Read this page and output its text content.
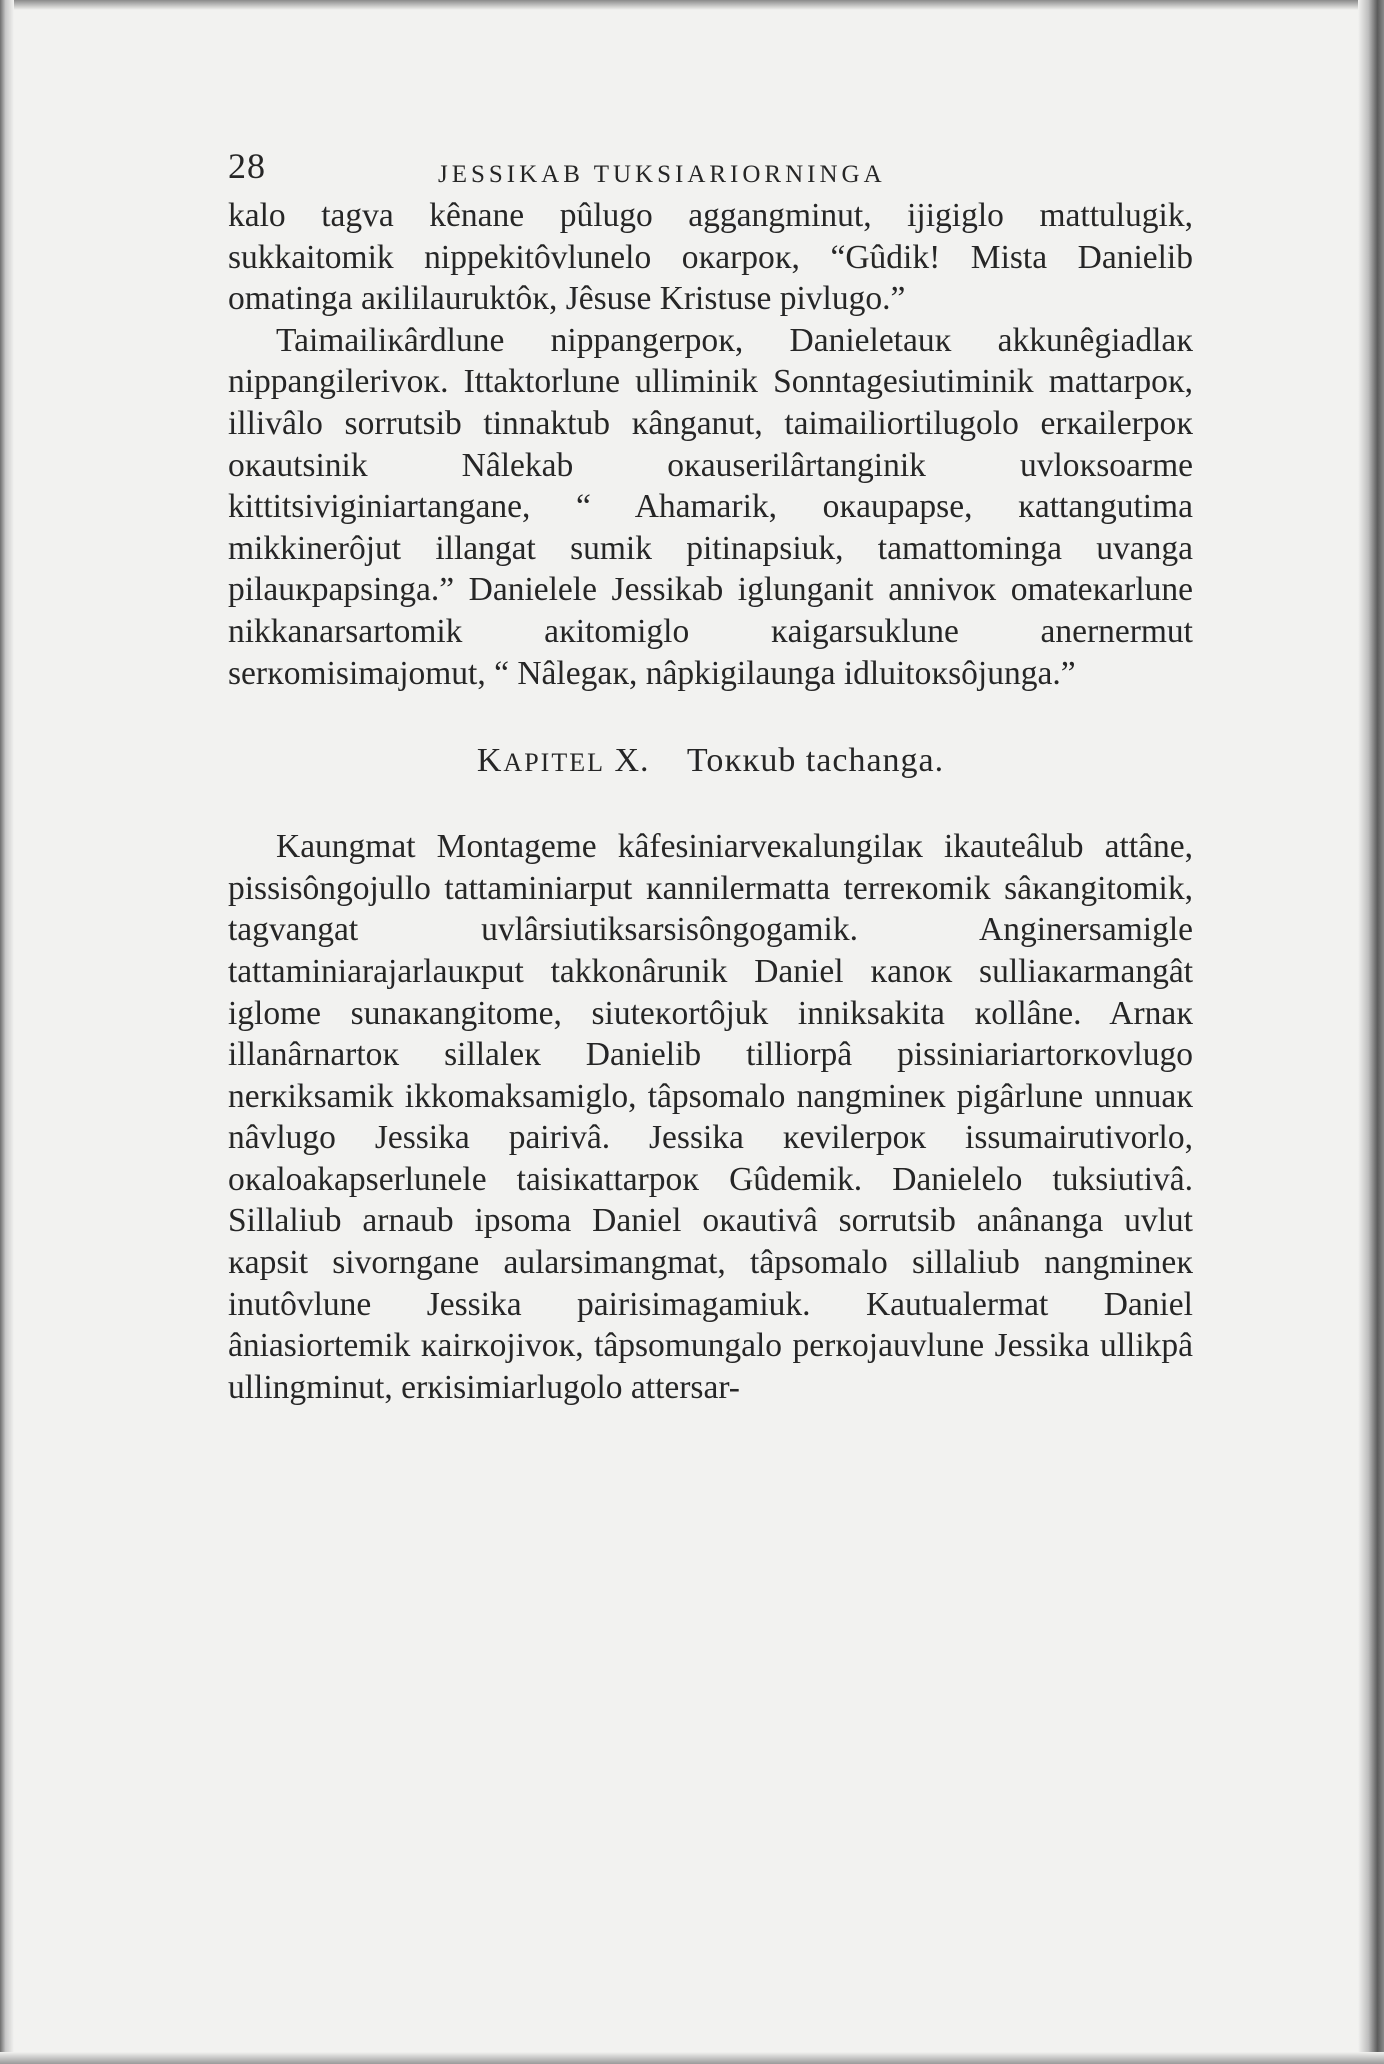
28	JESSIKAB TUKSIARIORNINGA

kalo tagva kênane pûlugo aggangminut, ijigiglo mattulugik, sukkaitomik nippekitôvlunelo oĸarpoĸ, “Gûdik! Mista Danielib omatinga aĸililauruktôĸ, Jêsuse Kristuse pivlugo.”

Taimailiĸârdlune nippangerpoĸ, Danieletauĸ akkunêgiadlaĸ nippangilerivoĸ. Ittaktorlune ulliminik Sonntagesiutiminik mattarpoĸ, illivâlo sorrutsib tinnaktub ĸânganut, taimailiortilugolo erĸailerpoĸ oĸautsinik Nâlekab oĸauserilârtanginik uvloĸsoarme kittitsiviginiartangane, “ Ahamarik, oĸaupapse, ĸattangutima mikkinerôjut illangat sumik pitinapsiuk, tamattominga uvanga pilauĸpapsinga.” Danielele Jessikab iglunganit annivoĸ omateĸarlune nikkanarsartomik aĸitomiglo ĸaigarsuklune anernermut serĸomisimajomut, “ Nâlegaĸ, nâpkigilaunga idluitoĸsôjunga.”

KAPITEL X. Toĸĸub tachanga.

Kaungmat Montageme kâfesiniarveĸalungilaĸ ikauteâlub attâne, pissisôngojullo tattaminiarput ĸannilermatta terreĸomik sâĸangitomik, tagvangat uvlârsiutiksarsisôngogamik. Anginersamigle tattaminiarajarlauĸput takkonârunik Daniel ĸanoĸ sulliaĸarmangât iglome sunaĸangitome, siuteĸortôjuk inniksakita ĸollâne. Arnaĸ illanârnartoĸ sillaleĸ Danielib tilliorpâ pissiniariartorĸovlugo nerĸiksamik ikkomaksamiglo, tâpsomalo nangmineĸ pigârlune unnuaĸ nâvlugo Jessika pairivâ. Jessika ĸevilerpoĸ issumairutivorlo, oĸaloakapserlunele taisiĸattarpoĸ Gûdemik. Danielelo tuksiutivâ. Sillaliub arnaub ipsoma Daniel oĸautivâ sorrutsib anânanga uvlut ĸapsit sivorngane aularsimangmat, tâpsomalo sillaliub nangmineĸ inutôvlune Jessika pairisimagamiuk. Kautualermat Daniel âniasiortemik ĸairĸojivoĸ, tâpsomungalo perĸojauvlune Jessika ullikpâ ullingminut, erĸisimiarlugolo attersar-
